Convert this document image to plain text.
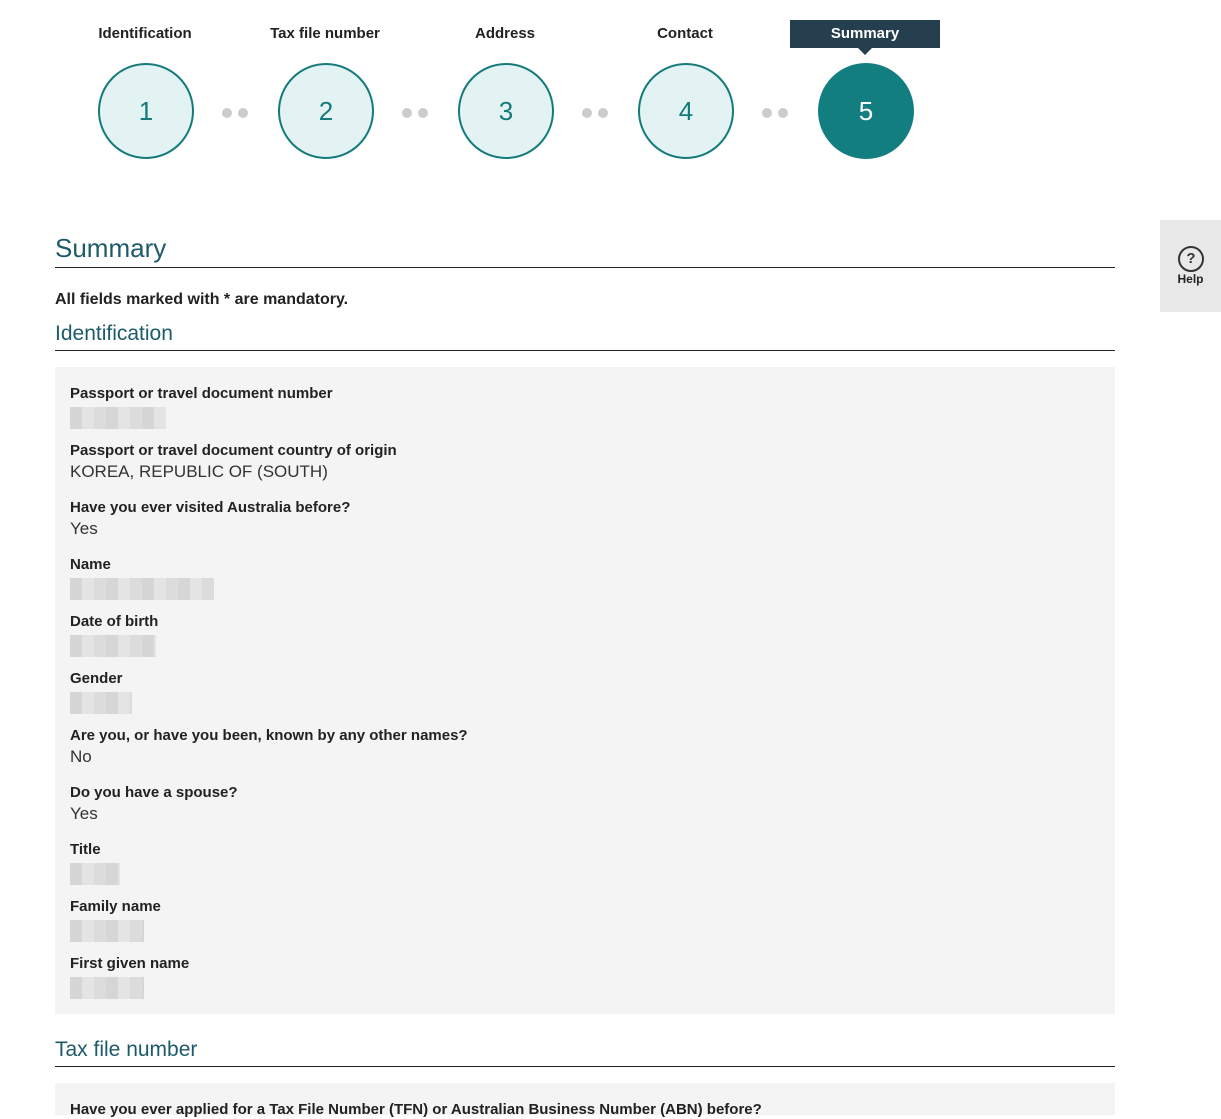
Identification
1
Tax file number
2
Address
3
Contact
4
Summary
5
?
Help
Summary
All fields marked with * are mandatory.
Identification
Passport or travel document number
Passport or travel document country of origin
KOREA, REPUBLIC OF (SOUTH)
Have you ever visited Australia before?
Yes
Name
Date of birth
Gender
Are you, or have you been, known by any other names?
No
Do you have a spouse?
Yes
Title
Family name
First given name
Tax file number
Have you ever applied for a Tax File Number (TFN) or Australian Business Number (ABN) before?
